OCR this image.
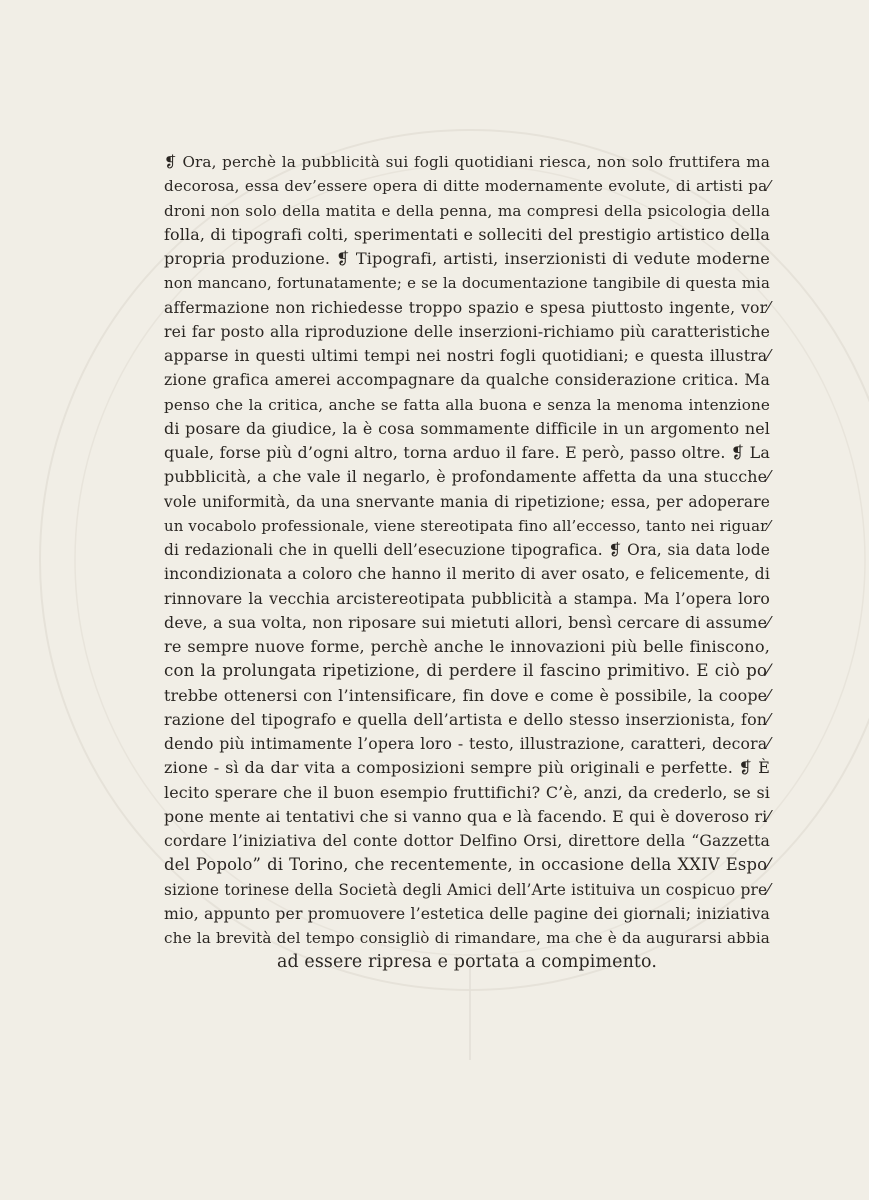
❡ Ora, perchè la pubblicità sui fogli quotidiani riesca, non solo fruttifera ma
decorosa, essa dev’essere opera di ditte modernamente evolute, di artisti pa⁄
droni non solo della matita e della penna, ma compresi della psicologia della
folla, di tipografi colti, sperimentati e solleciti del prestigio artistico della
propria produzione. ❡ Tipografi, artisti, inserzionisti di vedute moderne
non mancano, fortunatamente; e se la documentazione tangibile di questa mia
affermazione non richiedesse troppo spazio e spesa piuttosto ingente, vor⁄
rei far posto alla riproduzione delle inserzioni-richiamo più caratteristiche
apparse in questi ultimi tempi nei nostri fogli quotidiani; e questa illustra⁄
zione grafica amerei accompagnare da qualche considerazione critica. Ma
penso che la critica, anche se fatta alla buona e senza la menoma intenzione
di posare da giudice, la è cosa sommamente difficile in un argomento nel
quale, forse più d’ogni altro, torna arduo il fare. E però, passo oltre. ❡ La
pubblicità, a che vale il negarlo, è profondamente affetta da una stucche⁄
vole uniformità, da una snervante mania di ripetizione; essa, per adoperare
un vocabolo professionale, viene stereotipata fino all’eccesso, tanto nei riguar⁄
di redazionali che in quelli dell’esecuzione tipografica. ❡ Ora, sia data lode
incondizionata a coloro che hanno il merito di aver osato, e felicemente, di
rinnovare la vecchia arcistereotipata pubblicità a stampa. Ma l’opera loro
deve, a sua volta, non riposare sui mietuti allori, bensì cercare di assume⁄
re sempre nuove forme, perchè anche le innovazioni più belle finiscono,
con la prolungata ripetizione, di perdere il fascino primitivo. E ciò po⁄
trebbe ottenersi con l’intensificare, fin dove e come è possibile, la coope⁄
razione del tipografo e quella dell’artista e dello stesso inserzionista, fon⁄
dendo più intimamente l’opera loro - testo, illustrazione, caratteri, decora⁄
zione - sì da dar vita a composizioni sempre più originali e perfette. ❡ È
lecito sperare che il buon esempio fruttifichi? C’è, anzi, da crederlo, se si
pone mente ai tentativi che si vanno qua e là facendo. E qui è doveroso ri⁄
cordare l’iniziativa del conte dottor Delfino Orsi, direttore della “Gazzetta
del Popolo” di Torino, che recentemente, in occasione della XXIV Espo⁄
sizione torinese della Società degli Amici dell’Arte istituiva un cospicuo pre⁄
mio, appunto per promuovere l’estetica delle pagine dei giornali; iniziativa
che la brevità del tempo consigliò di rimandare, ma che è da augurarsi abbia
ad essere ripresa e portata a compimento.
